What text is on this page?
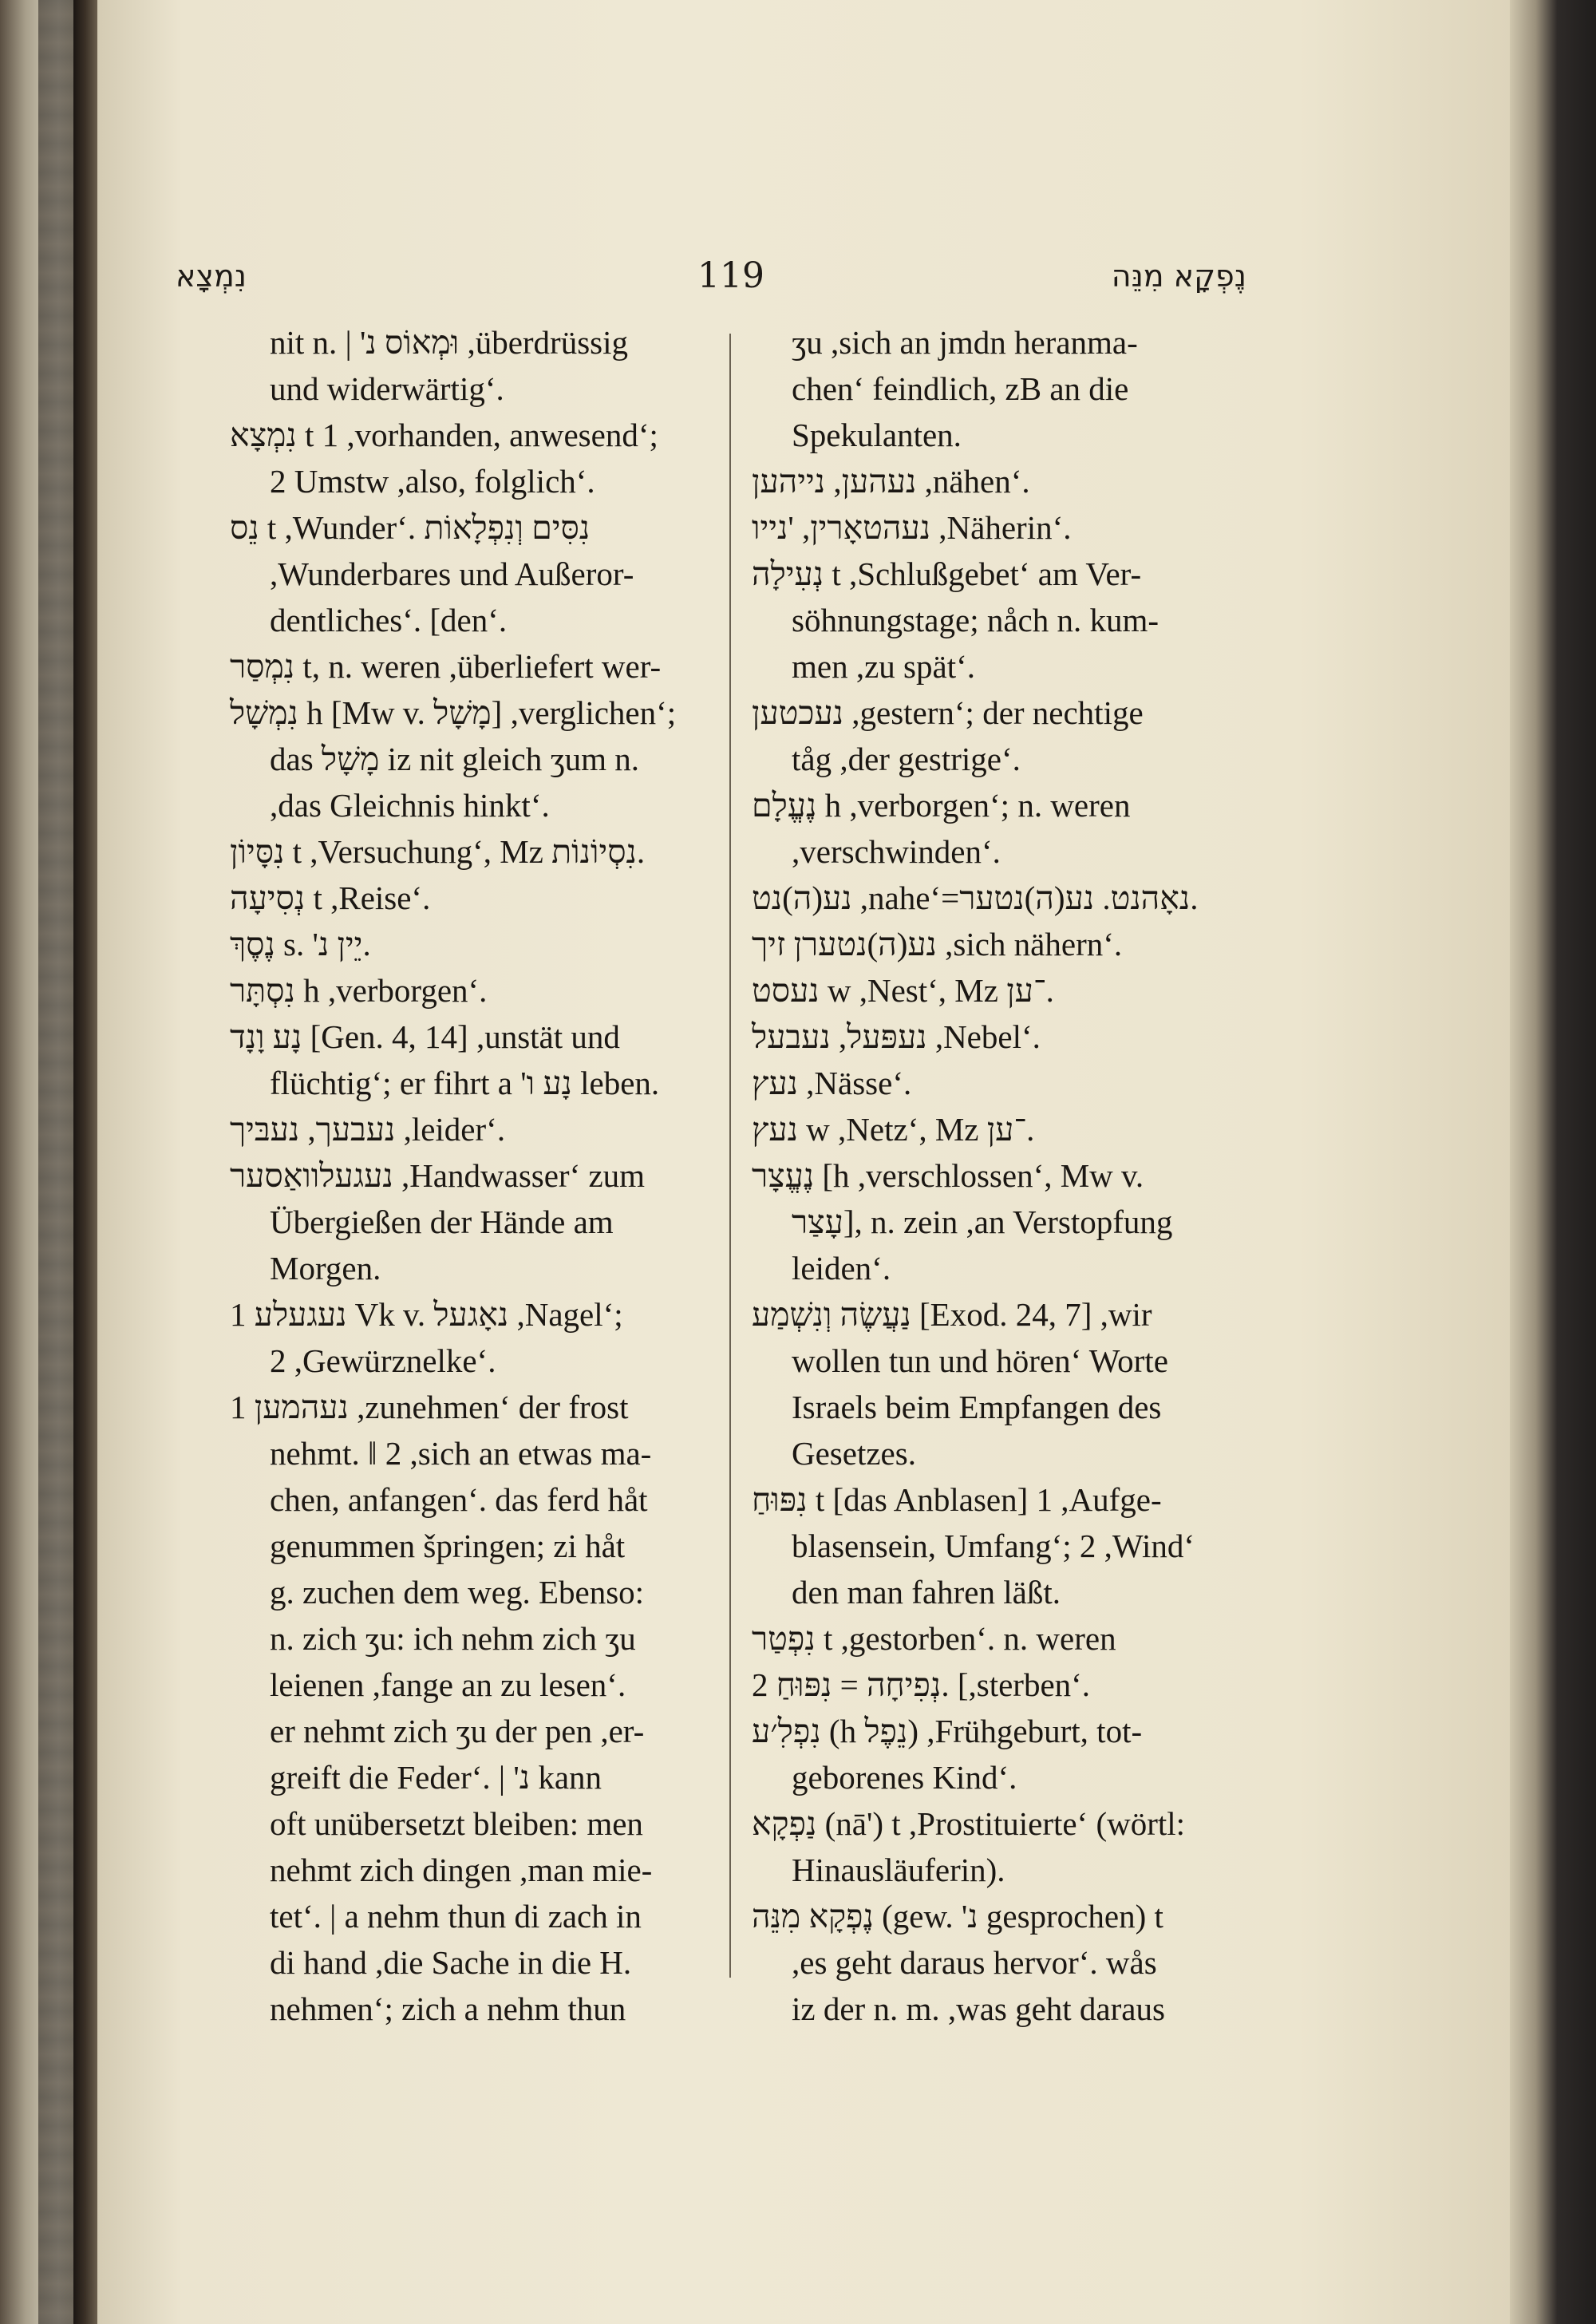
נִמְצָא	119	נֶפְקָא מִנֵּה
nit n. | 'וּמְאוֹס נ ,überdrüssig
und widerwärtig‘.
נִמְצָא t 1 ,vorhanden, anwesend‘;
2 Umstw ,also, folglich‘.
נֵס t ,Wunder‘. נִסִּים וְנִפְלָאוֹת
,Wunderbares und Außeror-
dentliches‘. [den‘.
נִמְסַר t, n. weren ,überliefert wer-
נִמְשָׁל h [Mw v. מָשָׁל] ,verglichen‘;
das מָשָׁל iz nit gleich ʒum n.
,das Gleichnis hinkt‘.
נִסָּיוֹן t ,Versuchung‘, Mz נִסְיוֹנוֹת.
נְסִיעָה t ,Reise‘.
נֶסֶךְ s. 'יֵין נ.
נִסְתָּר h ,verborgen‘.
נָע וָנָד [Gen. 4, 14] ,unstät und
flüchtig‘; er fihrt a 'נָע ו leben.
נעבעך, נעבּיך ,leider‘.
נעגעלוואַסער ,Handwasser‘ zum
Übergießen der Hände am
Morgen.
נעגעלע 1 Vk v. נאָגעל ,Nagel‘;
2 ,Gewürznelke‘.
נעהמען 1 ,zunehmen‘ der frost
nehmt. ‖ 2 ,sich an etwas ma-
chen, anfangen‘. das ferd håt
genummen špringen; zi håt
g. zuchen dem weg. Ebenso:
n. zich ʒu: ich nehm zich ʒu
leienen ,fange an zu lesen‘.
er nehmt zich ʒu der pen ,er-
greift die Feder‘. | 'נ kann
oft unübersetzt bleiben: men
nehmt zich dingen ,man mie-
tet‘. | a nehm thun di zach in
di hand ,die Sache in die H.
nehmen‘; zich a nehm thun
ʒu ,sich an jmdn heranma-
chen‘ feindlich, zB an die
Spekulanten.
נעהען, נייהען ,nähen‘.
נעהטאָרין, 'נייו ,Näherin‘.
נְעִילָה t ,Schlußgebet‘ am Ver-
söhnungstage; nåch n. kum-
men ,zu spät‘.
נעכטען ,gestern‘; der nechtige
tåg ,der gestrige‘.
נֶעֱלָם h ,verborgen‘; n. weren
,verschwinden‘.
נע(ה)נט ,nahe‘=נאָהנט. נע(ה)נטער.
נע(ה)נטערן זיך ,sich nähern‘.
נעסט w ,Nest‘, Mz ־ען.
נעפּעל, נעבעל ,Nebel‘.
נעץ ,Nässe‘.
נעץ w ,Netz‘, Mz ־ען.
נֶעֱצָר [h ,verschlossen‘, Mw v.
עָצַר], n. zein ,an Verstopfung
leiden‘.
נַעֲשֶׂה וְנִשְׁמַע [Exod. 24, 7] ,wir
wollen tun und hören‘ Worte
Israels beim Empfangen des
Gesetzes.
נִפּוּחַ t [das Anblasen] 1 ,Aufge-
blasensein, Umfang‘; 2 ,Wind‘
den man fahren läßt.
נִפְטַר t ,gestorben‘. n. weren
נְפִיחָה = נִפּוּחַ 2. [,sterben‘.
נִפְלִ׳ע (h נֵפֶל) ,Frühgeburt, tot-
geborenes Kind‘.
נַפְקָא (nā') t ,Prostituierte‘ (wörtl:
Hinausläuferin).
נֶפְקָא מִנֵּה (gew. 'נ gesprochen) t
,es geht daraus hervor‘. wås
iz der n. m. ,was geht daraus
